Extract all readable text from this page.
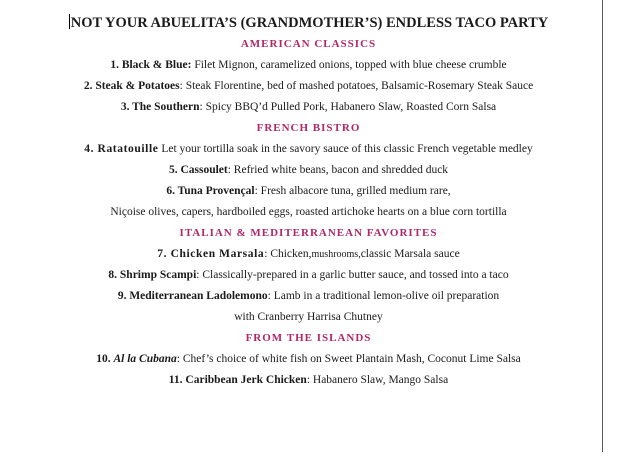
NOT YOUR ABUELITA’S (GRANDMOTHER’S) ENDLESS TACO PARTY
AMERICAN CLASSICS
1. Black & Blue: Filet Mignon, caramelized onions, topped with blue cheese crumble
2. Steak & Potatoes: Steak Florentine, bed of mashed potatoes, Balsamic-Rosemary Steak Sauce
3. The Southern: Spicy BBQ’d Pulled Pork, Habanero Slaw, Roasted Corn Salsa
FRENCH BISTRO
4. Ratatouille Let your tortilla soak in the savory sauce of this classic French vegetable medley
5. Cassoulet: Refried white beans, bacon and shredded duck
6. Tuna Provençal: Fresh albacore tuna, grilled medium rare,
Niçoise olives, capers, hardboiled eggs, roasted artichoke hearts on a blue corn tortilla
ITALIAN & MEDITERRANEAN FAVORITES
7. Chicken Marsala: Chicken,mushrooms,classic Marsala sauce
8. Shrimp Scampi: Classically-prepared in a garlic butter sauce, and tossed into a taco
9. Mediterranean Ladolemono: Lamb in a traditional lemon-olive oil preparation
with Cranberry Harrisa Chutney
FROM THE ISLANDS
10. Al la Cubana: Chef’s choice of white fish on Sweet Plantain Mash, Coconut Lime Salsa
11. Caribbean Jerk Chicken: Habanero Slaw, Mango Salsa
